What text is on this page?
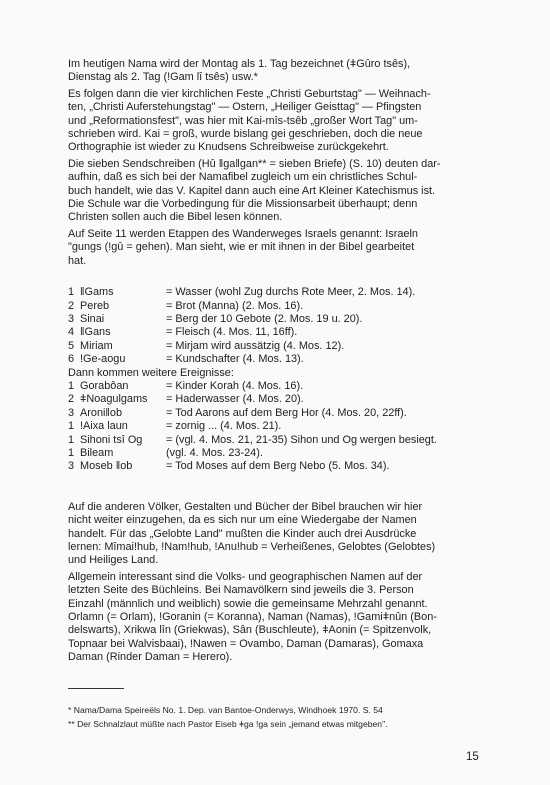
Im heutigen Nama wird der Montag als 1. Tag bezeichnet (ǂGûro tsês),
Dienstag als 2. Tag (!Gam lî tsês) usw.*

Es folgen dann die vier kirchlichen Feste „Christi Geburtstag" — Weihnach-
ten, „Christi Auferstehungstag" — Ostern, „Heiliger Geisttag" — Pfingsten
und „Reformationsfest", was hier mit Kai-mîs-tsêb „großer Wort Tag" um-
schrieben wird. Kai = groß, wurde bislang gei geschrieben, doch die neue
Orthographie ist wieder zu Knudsens Schreibweise zurückgekehrt.

Die sieben Sendschreiben (Hû ǁgaǁgan** = sieben Briefe) (S. 10) deuten dar-
aufhin, daß es sich bei der Namafibel zugleich um ein christliches Schul-
buch handelt, wie das V. Kapitel dann auch eine Art Kleiner Katechismus ist.
Die Schule war die Vorbedingung für die Missionsarbeit überhaupt; denn
Christen sollen auch die Bibel lesen können.

Auf Seite 11 werden Etappen des Wanderweges Israels genannt: Israeln
"gungs (!gû = gehen). Man sieht, wie er mit ihnen in der Bibel gearbeitet
hat.

1	ǁGams	= Wasser (wohl Zug durchs Rote Meer, 2. Mos. 14).
2	Pereb	= Brot (Manna) (2. Mos. 16).
3	Sinai	= Berg der 10 Gebote (2. Mos. 19 u. 20).
4	ǁGans	= Fleisch (4. Mos. 11, 16ff).
5	Miriam	= Mirjam wird aussätzig (4. Mos. 12).
6	!Ge-aogu	= Kundschafter (4. Mos. 13).
Dann kommen weitere Ereignisse:		
1	Gorabôan	= Kinder Korah (4. Mos. 16).
2	ǂNoagulgams	= Haderwasser (4. Mos. 20).
3	Aroniǁob	= Tod Aarons auf dem Berg Hor (4. Mos. 20, 22ff).
1	!Aixa laun	= zornig ... (4. Mos. 21).
1	Sihoni tsî Og	= (vgl. 4. Mos. 21, 21-35) Sihon und Og wergen besiegt.
1	Bileam	(vgl. 4. Mos. 23-24).
3	Moseb ǁob	= Tod Moses auf dem Berg Nebo (5. Mos. 34).

Auf die anderen Völker, Gestalten und Bücher der Bibel brauchen wir hier
nicht weiter einzugehen, da es sich nur um eine Wiedergabe der Namen
handelt. Für das „Gelobte Land" mußten die Kinder auch drei Ausdrücke
lernen: Mîmai!hub, !Nam!hub, !Anu!hub = Verheißenes, Gelobtes (Gelobtes)
und Heiliges Land.

Allgemein interessant sind die Volks- und geographischen Namen auf der
letzten Seite des Büchleins. Bei Namavölkern sind jeweils die 3. Person
Einzahl (männlich und weiblich) sowie die gemeinsame Mehrzahl genannt.
Orlamn (= Orlam), !Goranin (= Koranna), Naman (Namas), !Gamiǂnûn (Bon-
delswarts), Xrikwa lîn (Griekwas), Sân (Buschleute), ǂAonin (= Spitzenvolk,
Topnaar bei Walvisbaai), !Nawen = Ovambo, Daman (Damaras), Gomaxa
Daman (Rinder Daman = Herero).

* Nama/Dama Speireëls No. 1. Dep. van Bantoe-Onderwys, Windhoek 1970. S. 54
** Der Schnalzlaut müßte nach Pastor Eiseb ǂga !ga sein „jemand etwas mitgeben".
15
